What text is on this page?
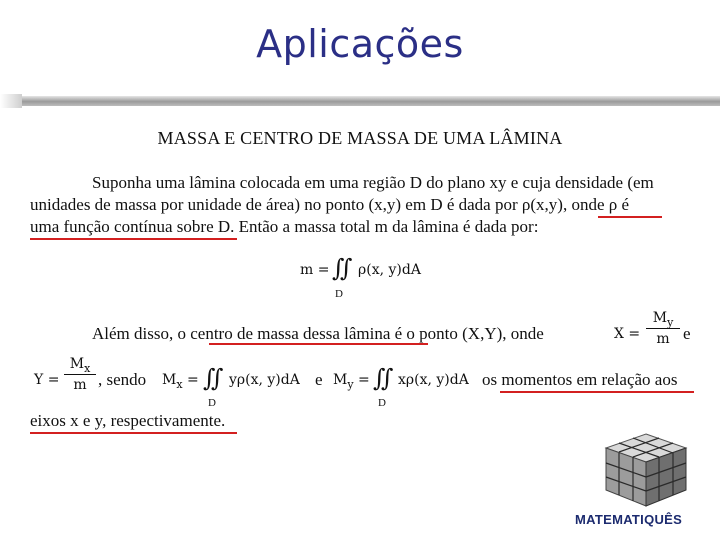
Aplicações
MASSA E CENTRO DE MASSA DE UMA LÂMINA
Suponha uma lâmina colocada em uma região D do plano xy e cuja densidade (em
unidades de massa por unidade de área) no ponto (x,y) em D é dada por ρ(x,y), onde ρ é
uma função contínua sobre D. Então a massa total m da lâmina é dada por:
m = ∬ ρ(x, y)dA
D
Além disso, o centro de massa dessa lâmina é o ponto (X,Y), onde	X =
$M_y$
m e
Y =
$M_x$
m , sendo $M_x$ = ∬ yρ(x, y)dA
D
e $M_y$ = ∬ xρ(x, y)dA
D
os momentos em relação aos
eixos x e y, respectivamente.
MATEMATIQUÊS
